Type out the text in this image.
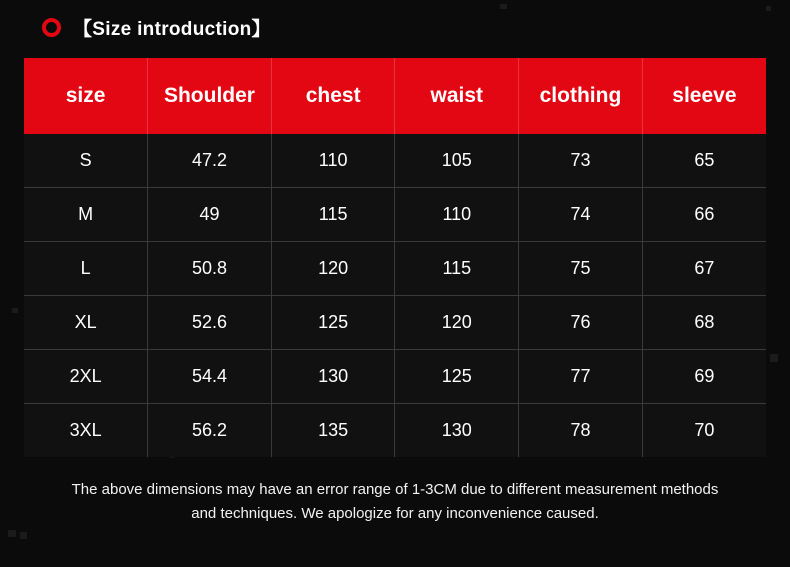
【Size introduction】
size	Shoulder	chest	waist	clothing	sleeve
S	47.2	110	105	73	65
M	49	115	110	74	66
L	50.8	120	115	75	67
XL	52.6	125	120	76	68
2XL	54.4	130	125	77	69
3XL	56.2	135	130	78	70
The above dimensions may have an error range of 1-3CM due to different measurement methods and techniques. We apologize for any inconvenience caused.
